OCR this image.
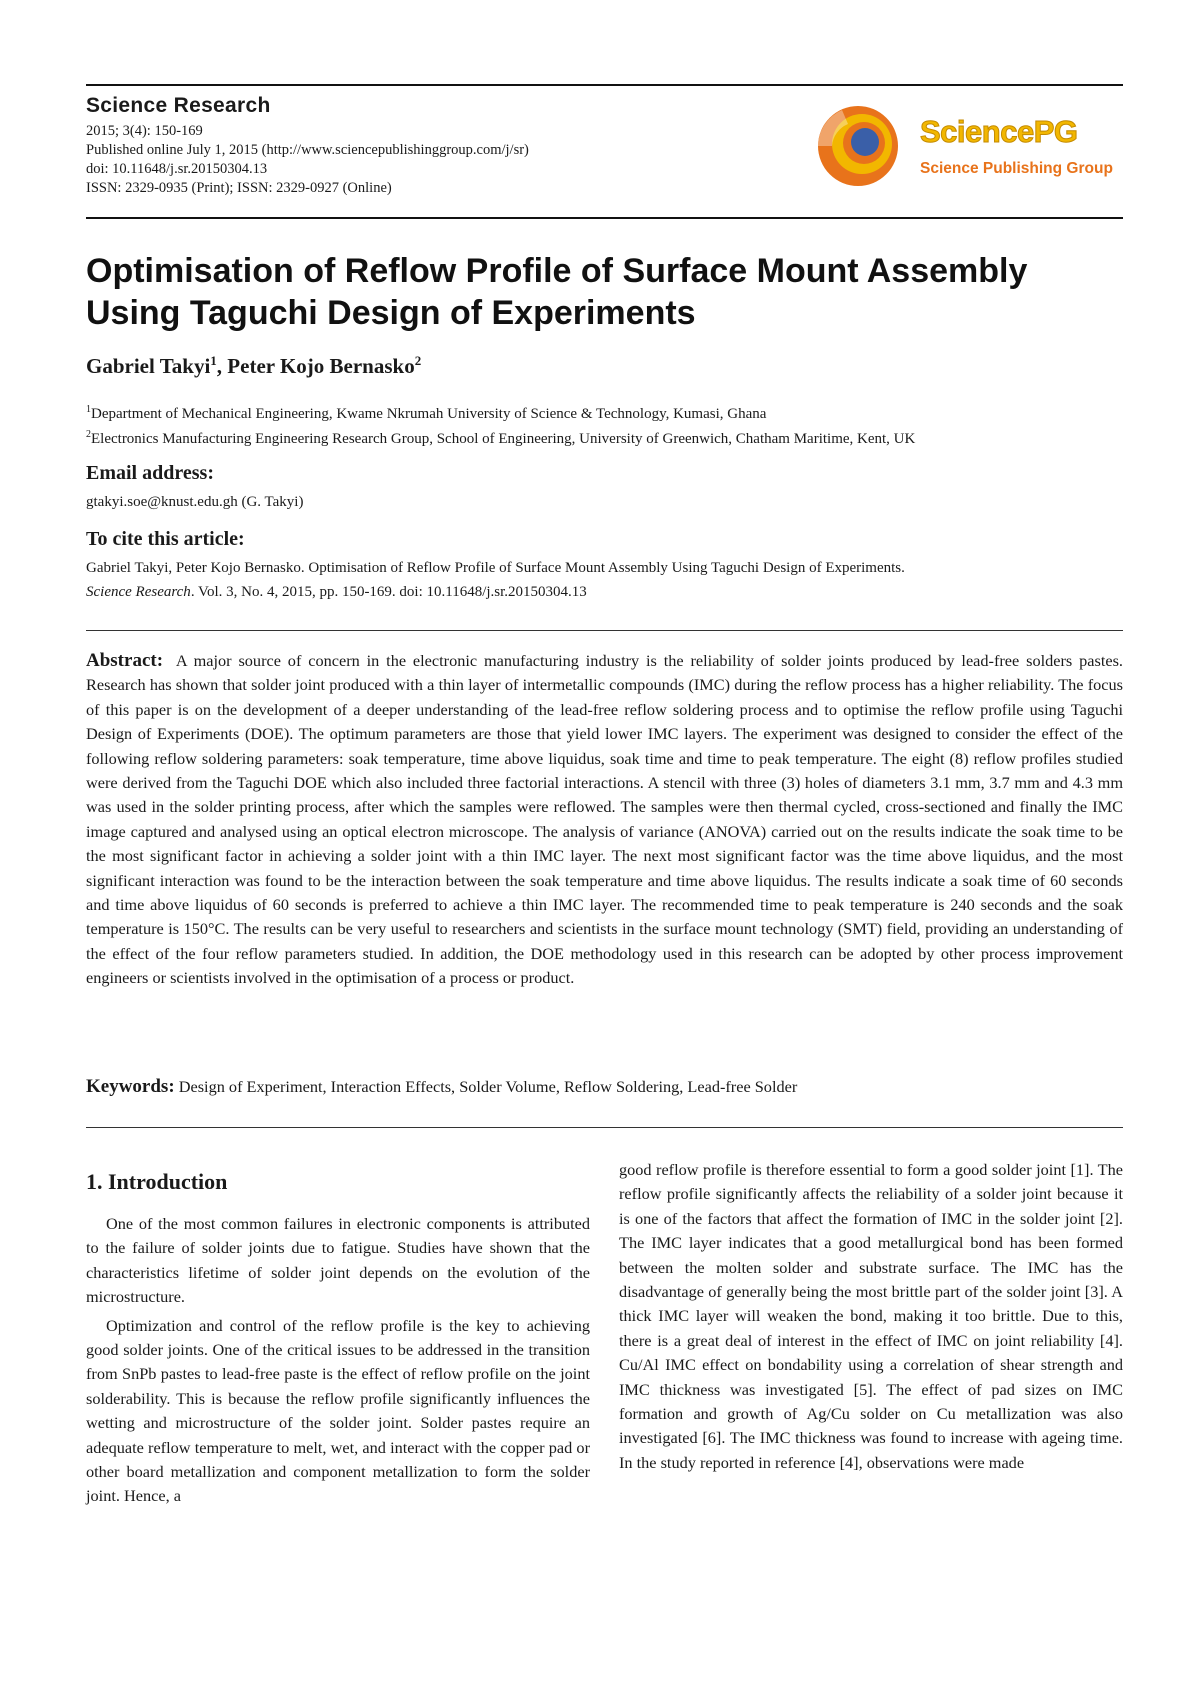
Science Research
2015; 3(4): 150-169
Published online July 1, 2015 (http://www.sciencepublishinggroup.com/j/sr)
doi: 10.11648/j.sr.20150304.13
ISSN: 2329-0935 (Print); ISSN: 2329-0927 (Online)
SciencePG
Science Publishing Group
Optimisation of Reflow Profile of Surface Mount Assembly Using Taguchi Design of Experiments
Gabriel Takyi$^1$, Peter Kojo Bernasko$^2$
$^1$Department of Mechanical Engineering, Kwame Nkrumah University of Science & Technology, Kumasi, Ghana
$^2$Electronics Manufacturing Engineering Research Group, School of Engineering, University of Greenwich, Chatham Maritime, Kent, UK
Email address:
gtakyi.soe@knust.edu.gh (G. Takyi)
To cite this article:
Gabriel Takyi, Peter Kojo Bernasko. Optimisation of Reflow Profile of Surface Mount Assembly Using Taguchi Design of Experiments.
Science Research. Vol. 3, No. 4, 2015, pp. 150-169. doi: 10.11648/j.sr.20150304.13

Abstract: A major source of concern in the electronic manufacturing industry is the reliability of solder joints produced by lead-free solders pastes. Research has shown that solder joint produced with a thin layer of intermetallic compounds (IMC) during the reflow process has a higher reliability. The focus of this paper is on the development of a deeper understanding of the lead-free reflow soldering process and to optimise the reflow profile using Taguchi Design of Experiments (DOE). The optimum parameters are those that yield lower IMC layers. The experiment was designed to consider the effect of the following reflow soldering parameters: soak temperature, time above liquidus, soak time and time to peak temperature. The eight (8) reflow profiles studied were derived from the Taguchi DOE which also included three factorial interactions. A stencil with three (3) holes of diameters 3.1 mm, 3.7 mm and 4.3 mm was used in the solder printing process, after which the samples were reflowed. The samples were then thermal cycled, cross-sectioned and finally the IMC image captured and analysed using an optical electron microscope. The analysis of variance (ANOVA) carried out on the results indicate the soak time to be the most significant factor in achieving a solder joint with a thin IMC layer. The next most significant factor was the time above liquidus, and the most significant interaction was found to be the interaction between the soak temperature and time above liquidus. The results indicate a soak time of 60 seconds and time above liquidus of 60 seconds is preferred to achieve a thin IMC layer. The recommended time to peak temperature is 240 seconds and the soak temperature is 150°C. The results can be very useful to researchers and scientists in the surface mount technology (SMT) field, providing an understanding of the effect of the four reflow parameters studied. In addition, the DOE methodology used in this research can be adopted by other process improvement engineers or scientists involved in the optimisation of a process or product.

Keywords: Design of Experiment, Interaction Effects, Solder Volume, Reflow Soldering, Lead-free Solder

1. Introduction

One of the most common failures in electronic components is attributed to the failure of solder joints due to fatigue. Studies have shown that the characteristics lifetime of solder joint depends on the evolution of the microstructure.

Optimization and control of the reflow profile is the key to achieving good solder joints. One of the critical issues to be addressed in the transition from SnPb pastes to lead-free paste is the effect of reflow profile on the joint solderability. This is because the reflow profile significantly influences the wetting and microstructure of the solder joint. Solder pastes require an adequate reflow temperature to melt, wet, and interact with the copper pad or other board metallization and component metallization to form the solder joint. Hence, a

good reflow profile is therefore essential to form a good solder joint [1]. The reflow profile significantly affects the reliability of a solder joint because it is one of the factors that affect the formation of IMC in the solder joint [2]. The IMC layer indicates that a good metallurgical bond has been formed between the molten solder and substrate surface. The IMC has the disadvantage of generally being the most brittle part of the solder joint [3]. A thick IMC layer will weaken the bond, making it too brittle. Due to this, there is a great deal of interest in the effect of IMC on joint reliability [4]. Cu/Al IMC effect on bondability using a correlation of shear strength and IMC thickness was investigated [5]. The effect of pad sizes on IMC formation and growth of Ag/Cu solder on Cu metallization was also investigated [6]. The IMC thickness was found to increase with ageing time. In the study reported in reference [4], observations were made
